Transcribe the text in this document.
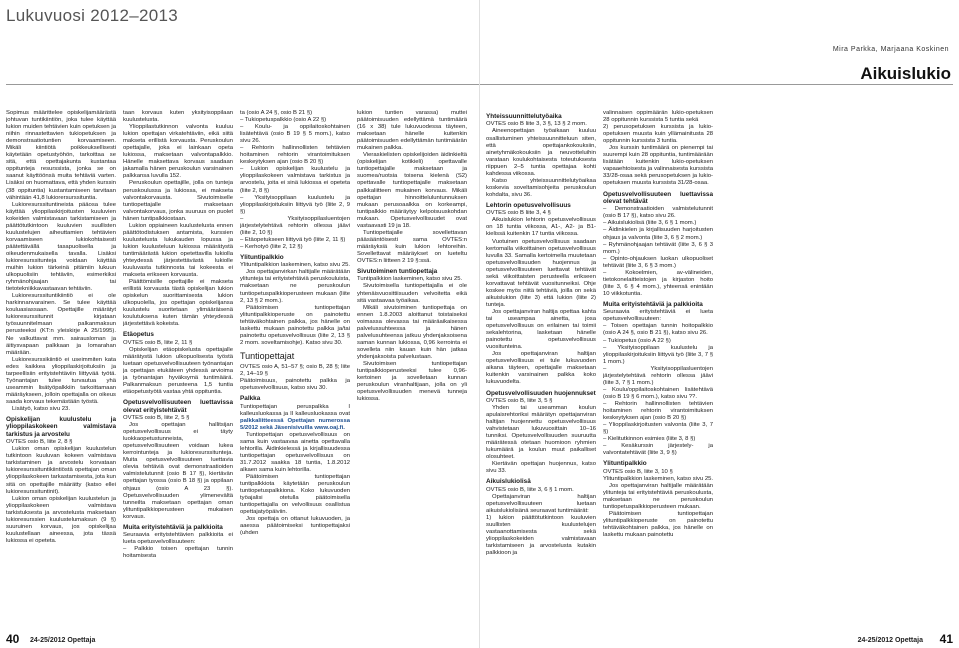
Lukuvuosi 2012–2013
Mira Parkka, Marjaana Koskinen
Aikuislukio

Sopimus määrittelee opiskelijamäärästä johtuvan tuntikiintiön, joka tulee käyttää lukion muiden tehtävien kuin opetuksen ja niihin rinnastettavien tukiopetuksen ja demonstraatiotuntien korvaamiseen. Mikäli kiintiötä poikkeuksellisesti käytetään opetustyöhön, tarkoittaa se sitä, että opettajakunta kustantaa oppitunteja resurssista, jonka se on saanut käyttöönsä muita tehtäviä varten. Lisäksi on huomattava, että yhden kurssin (38 oppituntia) kustantamiseen tarvitaan vähintään 41,8 lukiorersurssituntia.

Lukioresurssituntineista pääosa tulee käyttää ylioppilaskirjoitusten kuuluvien kokeiden valmistavaan tarkistamiseen ja päättötutkintoon kuuluvien suullisten kuulustelujen aiheuttamien tehtävien korvaamiseen lukiokohtaisesti päätettävällä tasapuolisella ja oikeudenmukaisella tavalla. Lisäksi lukioresurssitunteja voidaan käyttää muihin lukion tärkeinä pitämiin lukuun ulkopuolisiin tehtäviin, esimerkiksi ryhmänohjaajan tai tietotekniikkavastaavan tehtäviin.

Lukioresurssituntikiintiö ei ole harkinnanvarainen. Se tulee käyttää kouluasiassaan. Opettajille määrätyt lukioresurssitunnit kirjataan työsuunnitelmaan palkanmaksun perusteeksi (KT:n yleiskirje A 25/1995). Ne valkuttavat mm. sairausloman ja äitiysvapaan palkkaan ja lomarahan määrään.

Lukioresurssikiintiö ei useimmiten kata edes kaikkea ylioppilaskirjoituksiin ja tarpeellisiin erityistehtäviin liittyvää työtä. Työnantajan tulee turvautua yhä useammin lisätyöpalkkiin tarkoittamaan määräykseen, jolloin opettajalla on oikeus saada korvaus tekemästään työstä.

Lisätyö, katso sivu 23.

Opiskelijan kuulustelu ja ylioppilaskokeen valmistava tarkistus ja arvostelu

OVTES osio B, liite 2, 8 §

Lukion oman opiskelijan kuulustelun tutkintoon kuuluvan kokeen valmistava tarkistaminen ja arvostelu korvataan lukioresurssituntikiintiöstä opettajan oman ylioppilaskokeen tarkastamisesta, jota kun sitä on opettajille määrätty (katso ellei lukioresurssituntinit).

Lukion oman opiskelijan kuulustelun ja ylioppilaskokeen valmistava tarkistuksesta ja arvostelusta maksetaan lukioresurssien kuulustelumaksun (9 §) suuruinen korvaus, jos opiskelijaa kuulustellaan aineessa, jota tässä lukiossa ei opeteta.

taan korvaus kuten yksityisoppilaan kuulustelusta.

Ylioppilastutkinnon valvonta kuuluu lukion opettajan virkatehtäviin, eikä siitä makseta erillistä korvausta. Peruskoulun opettajalle, joka ei lainkaan opeta lukiossa, maksetaan valvontapalkkio. Hänelle maksettava korvaus saadaan jakamalla hänen peruskoulun varsinainen palkkansa luvulla 152.

Peruskoulun opettajille, jolla on tunteja peruskoulussa ja lukiossa, ei makseta valvontakorvausta. Sivutoimiselle tuntiopettajalle maksetaan valvontakorvaus, jonka suuruus on puolet hänen tuntipalkkiostaan.

Lukion oppiaineen kuulustelusta ennen päättötodistuksen antamista, kurssien kuulustelusta lukukauden lopussa ja lukion kuulusteluun lukiossa määrätystä tuntimäärästä lukion opetettavilla lukiolla yhteydessä järjestettävästä lukiolle kuuluvasta tutkinnosta tai kokeesta ei makseta erikseen korvausta.

Päättömisille opettajille ei makseta erillistä korvausta tästä opiskelijan lukion opiskelun suorittamisesta lukion ulkopuolella, jos opettajan opiskelijansa kuulustelu suoritetaan ylimääräisenä koulutuksena kuten tämän yhteydessä järjestettävä kokeista.

Etäopetus

OVTES osio B, liite 2, 11 §

Opiskelijan etäopiskelusta opettajalle määrätystä lukion ulkopuolisesta työstä luetaan opetusvelvollisuuteen työnantajan ja opettajan etukäteen yhdessä arvioima ja työnantajan hyväksymä tuntimäärä. Palkanmaksun perusteena 1,5 tuntia etäopetustyötä vastaa yhtä oppituntia.

Opetusvelvollisuuteen luettavissa olevat erityistehtävät

OVTES osio B, liite 2, 5 §

Jos opettajan hallitsijan opetusvelvollisuus ei täyty luokkaopetustunneista, opetusvelvollisuuteen voidaan lukea kerrointunteja ja lukioresurssitunteja. Muita opetusvelvollisuuteen luettavia olevia tehtäviä ovat demonstraatioiden valmistelutunnit (osio B 17 §), kiertävän opettajan tyossa (osio B 18 §) ja oppilaan ohjaus (osio A 23 §). Opetusvelvollisuuden ylimenevältä tunneilta maksetaan opettajan oman ylituntipalkkioperusteen mukaisen korvaus.

Muita erityistehtäviä ja palkkioita

Seuraavia erityistehtävien palkkioita ei lueta opetusvelvollisuuteen:

– Palkkio toisen opettajan tunnin hoitamisesta

ta (osio A 24 §, osio B 21 §)

– Tukiopetuspalkkio (osio A 22 §)

– Koulu- ja oppilaitoskohtainen lisätehtävä (osio B 19 § 5 mom.), katso sivu 26.

– Rehtorin hallinnollisten tehtävien hoitaminen rehtorin virantoimituksen keskeytyksen ajan (osio B 20 §)

– Lukion opiskelijan kuulustelu ja ylioppilaskokeen valmistava tarkistus ja arvostelu, joita ei sinä lukiossa ei opeteta (liite 2, 8 §)

– Yksityisoppilaan kuulustelu ja ylioppilaskirjoituksiin liittyvä työ (liite 2, 9 §)

– Yksityisoppilasluentojen järjestelytehtävä rehtorin ollessa jäävi (liite 2, 10 §)

– Etäopetukseen liittyvä työ (liite 2, 11 §)

– Kerhotyö (liite 2, 12 §)

Ylituntipalkkio

Ylituntipalkkion laskeminen, katso sivu 25.

Jos opettajanvirkan haltijalle määrätään ylitunteja tai erityistehtäviä peruskouluista, maksetaan ne peruskoulun tuntiopetuspalkkioperusteen mukaan (liite 2, 13 § 2 mom.).

Päätoimisen tuntiopettajan ylituntipalkkioperuste on painotettu tehtäväkohtainen palkka, jos hänelle on laskettu mukaan painotettu palkka ja/tai painotettu opetusvelvollisuus (liite 2, 13 § 2 mom. soveltamisohje). Katso sivu 30.

Tuntiopettajat

OVTES osio A, 51–57 §; osio B, 28 §; liite 2, 14–19 §

Päätoimisuus, painotettu palkka ja opetusvelvollisuus, katso sivu 30.

Palkka

Tuntiopettajan peruspalkka I kalleusluokassa ja II kalleusluokassa ovat palkkaliitteessä Opettajan numerossa 5/2012 sekä Jäsenisivuilla www.oaj.fi.

Tuntiopettajan opetusvelvollisuus on sama kuin vastaavaa ainetta opettavalla lehtorilla. Äidinkielessä ja kirjallisuudessa tuntiopettajan opetusvelvollisuus on 31.7.2012 saakka 18 tuntia, 1.8.2012 alkaen sama kuin lehtorilla.

Päätoimisen tuntiopettajan tuntipalkkiota käytetään peruskoulun tuntiopetuspalkkiona. Koko lukuvuoden työajalisi otetulla päätoimisella tuntiopettajalla on velvollisuus osallistua opettajatyöpäiviin.

Jos opettaja on ottanut lukuvuoden, ja aaessa päätoimiseksi tuntiopettajaksi (uhden

lukion tuntien varassa) muttei päätoimisuuden edellyttämä tuntimäärä (16 x 38) tule lukuvuodessa täyteen, maksetaan hänelle kuitenkin päätoimisuuden edellyttämän tuntimäärän mukainen palkka.

Vieraskielisten opiskelijoiden äidinkieltä (opiskelijan kotikieli) opettavalle tuntiopettajalle maksetaan ja suomea/ruotsia toisena kielenä (S2) opettavalle tuntiopettajalle maksetaan palkkaliitteen mukainen korvaus. Mikäli opettajan hinnoitteluluntunnuksen mukaan perusoaalkka on korkeampi, tuntipalkkio määräytyy kelpoisuuskohdan mukaan. Opetusvelvollisuudet ovat vastaavasti 19 ja 18.

Tuntiopettajalle sovellettavan pääsääntöisesti sama OVTES:n määräyksiä kuin lukion lehtoreihin. Sovellettavat määräykset on lueteltu OVTES:n liitteen 2 19 §:ssä.

Sivutoiminen tuntiopettaja

Tuntipalkkion laskeminen, katso sivu 25.

Sivutoimisella tuntiopettajalla ei ole yhtenäisvuosittiisuuden velvoitetta eikä sitä vastaavaa työaikaa.

Mikäli sivutoiminen tuntiopettaja on ennen 1.8.2003 aloittanut toistaiseksi voimassa olevassa tai määräaikaisessa palvelussuhteessa ja hänen palvelusuhteensa jatkuu yhdenjaksoisena saman kunnan lukiossa, 0,96 kerrointa ei sovelleta niin kauan kuin hän jatkaa yhdenjaksoista palvelustaan.

Sivutoimisen tuntiopettajan tuntipalkkioperusteeksi tulee 0,96-kertoinen ja sovelletaan kunnan peruskoulun viranhaltijaan, jolla on yli opetusvelvollisuuden menevä tunneja lukiossa.

Yhteissuunnittelutyöaika

OVTES osio B liite 3, 3 §, 13 § 2 mom.

Aineenopettajan työaikaan kuuluu osallistuminen yhteissuunnitteluun siten, että opettajankokouksiin, ainetyhmäkokouksiin ja neuvotteluihin varataan koulukohtaisesta toteutuksesta riippuen 2–5 tuntia opettajaa kohti kahdessa viikossa.

Katso yhteissuunnittelutyöaikaa koskevia soveltamisohjeita peruskoulun kohdalta, sivu 36.

Lehtorin opetusvelvollisuus

OVTES osio B liite 3, 4 §

Aikuislukion lehtorin opetusvelvollisuus on 18 tuntia viikossa, A1-, A2- ja B1-kielissä kuitenkin 17 tuntia viikossa.

Vuotuinen opetusvelvollisuus saadaan kertomalla viikoittainen opetusvelvollisuus luvulla 33. Samalla kertoimella muutetaan opetusvelvollisuuden huojennus ja opetusvelvollisuuteen luettavat tehtävät sekä viikoittaisten perusteella erikseen korvattavat tehtävät vuositunneiksi. Ohje koskee myös niitä tehtäviä, joilla on sekä aikuislukion (liite 3) että lukion (liite 2) tunteja.

Jos opettajanviran haltija opettaa kahta tai useampaa ainetta, josa opetusvelvollisuus on erilainen tai toimii sekalehtorina, lasketaan hänelle painotettu opetusvelvollisuus vuositunteina.

Jos opettajanviran haltijan opetusvelvollisuus ei tule lukuvuoden aikana täyteen, opettajalle maksetaan kuitenkin varsinainen palkka koko lukuvuodelta.

Opetusvelvollisuuden huojennukset

OVTES osio B, liite 3, 5 §

Yhden tai useamman koulun apulaisrehtoriksi määrätyn opettajanviran haltijan huojennettu opetusvelvollisuus vahvistetaan lukuvuosittain 10–16 tunniksi. Opetusvelvollisuuden suuruutta määrätessä otetaan huomioon ryhmien lukumäärä ja koulun muut paikalliset olosuhteet.

Kiertävän opettajan huojennus, katso sivu 33.

Aikuislukiolisä

OVTES osio B, liite 3, 6 § 1 mom.

Opettajanviran haltijan opetusvelvollisuuteen luetaan aikuislukiolisänä seuraavat tuntimäärät:

1) lukion päättötutkintoon kuuluvien suullisten kuulustelujen vastaanottamisesta sekä ylioppilaskokeiden valmistavaan tarkistamiseen ja arvostelusta kutakin palkkioon ja

valinnaisen oppimäärän lukio-opetuksen 28 oppitunnin kurssista 5 tuntia sekä

2) perusopetuksen kurssista ja lukio-opetuksen muusta kuin yllämainitusta 28 oppitunnin kurssista 3 tuntia.

Jos kurssin tuntimäärä on pienempi tai suurempi kuin 28 oppituntia, tuntimäärään lisätään kuitenkin lukio-opetuksen vapaaehtoisesta ja valinnaisesta kurssista 33/28-osaa sekä perusopetuksen ja lukio-opetuksen muusta kurssista 31/28-osaa.

Opetusvelvollisuuteen luettavissa olevat tehtävät

– Demonstraatioiden valmistelutunnit (osio B 17 §), katso sivu 26.

– Aikuislukiolisä (liite 3, 6 § 1 mom.)

– Äidinkielen ja kirjallisuuden harjoitusten ohjaus ja valvonta (liite 3, 6 § 2 mom.)

– Ryhmänohjaajan tehtävät (liite 3, 6 § 3 mom.)

– Opinto-ohjauksen luokan ulkopuoliset tehtävät (liite 3, 6 § 3 mom.)

– Kokoelmien, av-välineiden, tietokonelaitteistojen ja kirjaston hoito (liite 3, 6 § 4 mom.), yhteensä enintään 10 viikkotuntia.

Muita erityistehtäviä ja palkkioita

Seuraavia erityistehtäviä ei lueta opetusvelvollisuuteen:

– Toisen opettajan tunnin hoitopalkkio (osio A 24 §, osio B 21 §), katso sivu 26.

– Tukiopetus (osio A 22 §)

– Yksityisoppilaan kuulustelu ja ylioppilaskirjoituksiin liittyvä työ (liite 3, 7 § 1 mom.)

– Yksityisoppilasluentojen järjestelytehtävä rehtorin ollessa jäävi (liite 3, 7 § 1 mom.)

– Koulu/oppilaitoskohtainen lisätehtävä (osio B 19 § 6 mom.), katso sivu ??.

– Rehtorin hallinnollisten tehtävien hoitaminen rehtorin virantoimituksen keskeytyksen ajan (osio B 20 §)

– Ylioppilaskirjoitusten valvonta (liite 3, 7 §)

– Kielitutkinnon esimies (liite 3, 8 §)

– Kesäkurssin järjestely- ja valvontatehtävät (liite 3, 9 §)

Ylituntipalkkio

OVTES osio B, liite 3, 10 §

Ylituntipalkkion laskeminen, katso sivu 25.

Jos opettajanviran haltijalle määrätään ylitunteja tai erityistehtäviä peruskoulusta, maksetaan ne peruskoulun tuntiopetuspalkkioperusteen mukaan.

Päätoimisen tuntiopettajan ylituntipalkkioperuste on painotettu tehtäväkohtainen palkka, jos hänelle on laskettu mukaan painotettu

40 24-25/2012 Opettaja	24-25/2012 Opettaja 41
